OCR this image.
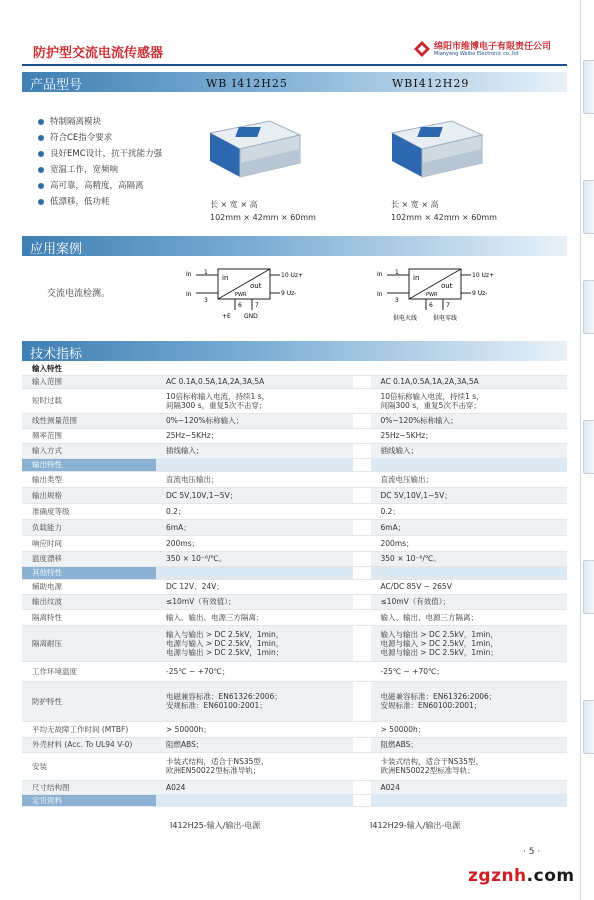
防护型交流电流传感器	绵阳市维博电子有限责任公司
Mianyang Weibo Electronic co.,ltd
产品型号	WB I412H25	WBI412H29
特制隔离模块
符合CE指令要求
良好EMC设计，抗干扰能力强
宽温工作，宽频响
高可靠，高精度，高隔离
低漂移，低功耗	长 × 宽 × 高
102mm × 42mm × 60mm
长 × 宽 × 高
102mm × 42mm × 60mm
应用案例
交流电流检测。
In
In
1
3
in
out
PWR
10 Uz+
9 Uz-
6 7
+E GND
In
In
1
3
in
out
PWR
10 Uz+
9 Uz-
6 7
供电火线	供电零线
技术指标
输入特性			
输入范围	AC 0.1A,0.5A,1A,2A,3A,5A		AC 0.1A,0.5A,1A,2A,3A,5A
短时过载	10倍标称输入电流，持续1 s，
间隔300 s，重复5次不击穿；		10倍标称输入电流，持续1 s，
间隔300 s，重复5次不击穿；
线性测量范围	0%~120%标称输入；		0%~120%标称输入；
频率范围	25Hz~5KHz；		25Hz~5KHz；
输入方式	插线输入；		插线输入；
输出特性			
输出类型	直流电压输出；		直流电压输出；
输出规格	DC 5V,10V,1~5V；		DC 5V,10V,1~5V；
准确度等级	0.2；		0.2；
负载能力	6mA；		6mA；
响应时间	200ms；		200ms；
温度漂移	350 × 10⁻⁶/℃。		350 × 10⁻⁶/℃。
其他特性			
辅助电源	DC 12V、24V；		AC/DC 85V ~ 265V
输出纹波	≤10mV（有效值）；		≤10mV（有效值）；
隔离特性	输入、输出、电源三方隔离；		输入、输出、电源三方隔离；
隔离耐压	输入与输出 > DC 2.5kV，1min，
电源与输入 > DC 2.5kV，1min，
电源与输出 > DC 2.5kV，1min；		输入与输出 > DC 2.5kV，1min，
电源与输入 > DC 2.5kV，1min，
电源与输出 > DC 2.5kV，1min；
工作环境温度	-25℃ ~ +70℃；		-25℃ ~ +70℃；
防护特性	电磁兼容标准：EN61326:2006；
安规标准：EN60100:2001；		电磁兼容标准：EN61326:2006；
安规标准：EN60100:2001；
平均无故障工作时间 (MTBF)	> 50000h；		> 50000h；
外壳材料 (Acc. To UL94 V-0)	阻燃ABS；		阻燃ABS；
安装	卡装式结构，适合于NS35型、
欧洲EN50022型标准导轨；		卡装式结构，适合于NS35型、
欧洲EN50022型标准导轨；
尺寸结构图	A024		A024
定货资料			
I412H25-输入/输出-电源	I412H29-输入/输出-电源
· 5 ·
zgznh.com
